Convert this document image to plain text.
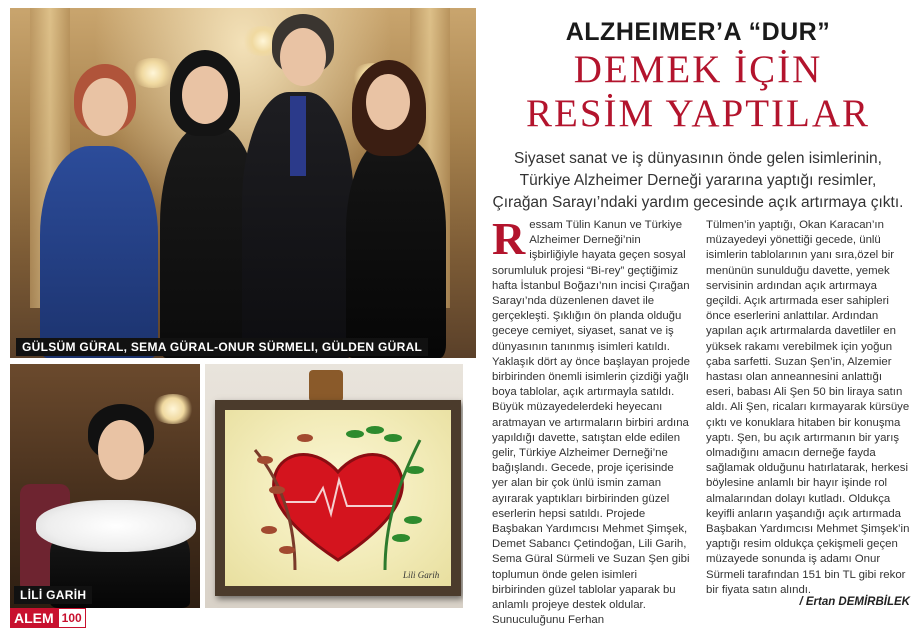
GÜLSÜM GÜRAL, SEMA GÜRAL-ONUR SÜRMELI, GÜLDEN GÜRAL
LİLİ GARİH
Lili Garih
ALEM 100
ALZHEIMER’A “DUR”
DEMEK İÇİN
RESİM YAPTILAR
Siyaset sanat ve iş dünyasının önde gelen isimlerinin, Türkiye Alzheimer Derneği yararına yaptığı resimler, Çırağan Sarayı’ndaki yardım gecesinde açık artırmaya çıktı.
Ressam Tülin Kanun ve Türkiye Alzheimer Derneği’nin işbirliğiyle hayata geçen sosyal sorumluluk projesi “Bi-rey” geçtiğimiz hafta İstanbul Boğazı’nın incisi Çırağan Sarayı’nda düzenlenen davet ile gerçekleşti. Şıklığın ön planda olduğu geceye cemiyet, siyaset, sanat ve iş dünyasının tanınmış isimleri katıldı. Yaklaşık dört ay önce başlayan projede birbirinden önemli isimlerin çizdiği yağlı boya tablolar, açık artırmayla satıldı. Büyük müzayedelerdeki heyecanı aratmayan ve artırmaların birbiri ardına yapıldığı davette, satıştan elde edilen gelir, Türkiye Alzheimer Derneği’ne bağışlandı. Gecede, proje içerisinde yer alan bir çok ünlü ismin zaman ayırarak yaptıkları birbirinden güzel eserlerin hepsi satıldı. Projede Başbakan Yardımcısı Mehmet Şimşek, Demet Sabancı Çetindoğan, Lili Garih, Sema Güral Sürmeli ve Suzan Şen gibi toplumun önde gelen isimleri birbirinden güzel tablolar yaparak bu anlamlı projeye destek oldular. Sunuculuğunu Ferhan
Tülmen’in yaptığı, Okan Karacan’ın müzayedeyi yönettiği gecede, ünlü isimlerin tablolarının yanı sıra,özel bir menünün sunulduğu davette, yemek servisinin ardından açık artırmaya geçildi. Açık artırmada eser sahipleri önce eserlerini anlattılar. Ardından yapılan açık artırmalarda davetliler en yüksek rakamı verebilmek için yoğun çaba sarfetti. Suzan Şen’in, Alzemier hastası olan anneannesini anlattığı eseri, babası Ali Şen 50 bin liraya satın aldı. Ali Şen, ricaları kırmayarak kürsüye çıktı ve konuklara hitaben bir konuşma yaptı. Şen, bu açık artırmanın bir yarış olmadığını amacın derneğe fayda sağlamak olduğunu hatırlatarak, herkesi böylesine anlamlı bir hayır işinde rol almalarından dolayı kutladı. Oldukça keyifli anların yaşandığı açık artırmada Başbakan Yardımcısı Mehmet Şimşek’in yaptığı resim oldukça çekişmeli geçen müzayede sonunda iş adamı Onur Sürmeli tarafından 151 bin TL gibi rekor bir fiyata satın alındı.
/ Ertan DEMİRBİLEK
